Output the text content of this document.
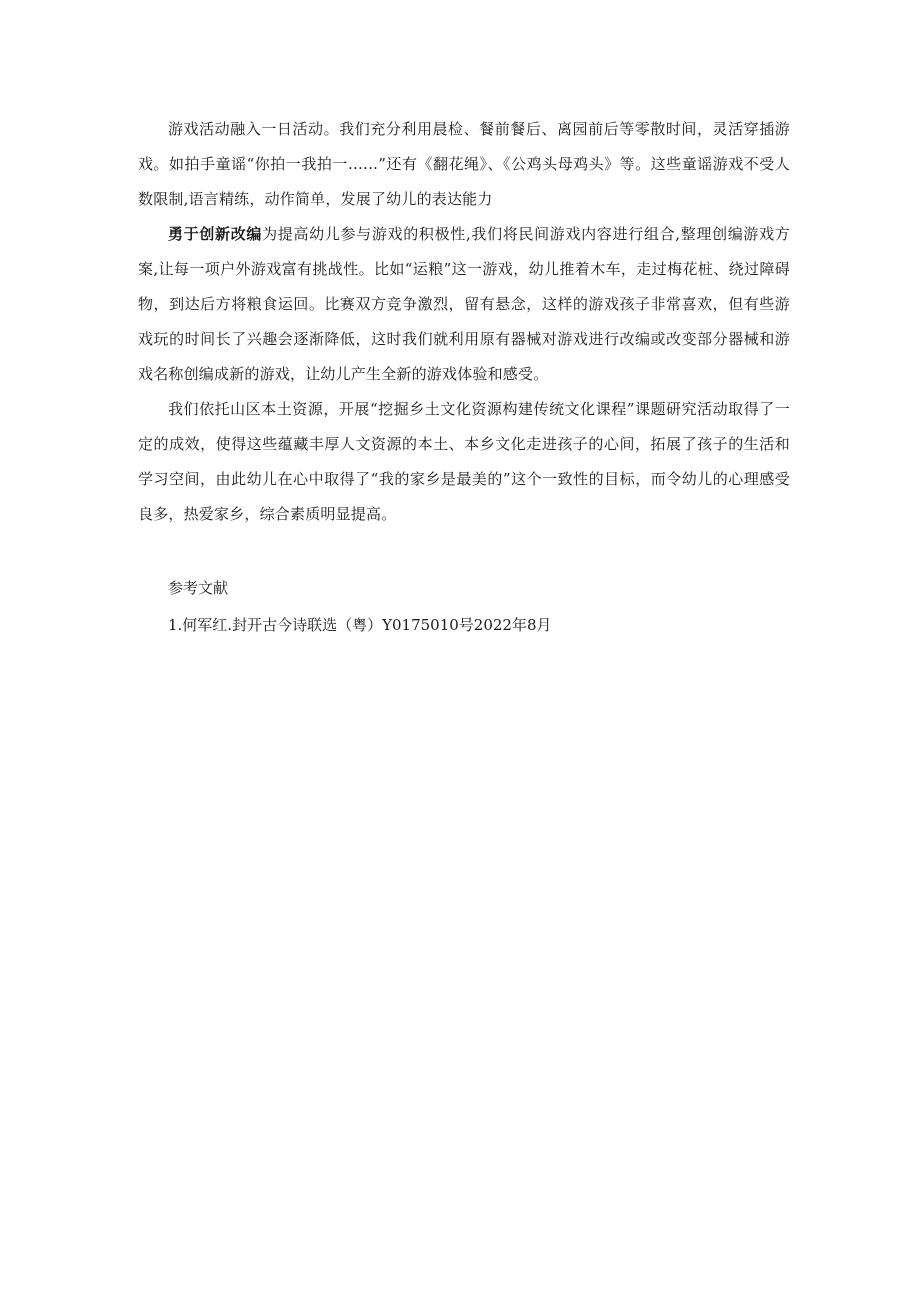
游戏活动融入一日活动。我们充分利用晨检、餐前餐后、离园前后等零散时间，灵活穿插游戏。如拍手童谣“你拍一我拍一……”还有《翻花绳》、《公鸡头母鸡头》等。这些童谣游戏不受人数限制,语言精练，动作简单，发展了幼儿的表达能力

勇于创新改编为提高幼儿参与游戏的积极性,我们将民间游戏内容进行组合,整理创编游戏方案,让每一项户外游戏富有挑战性。比如“运粮”这一游戏，幼儿推着木车，走过梅花桩、绕过障碍物，到达后方将粮食运回。比赛双方竞争激烈，留有悬念，这样的游戏孩子非常喜欢，但有些游戏玩的时间长了兴趣会逐渐降低，这时我们就利用原有器械对游戏进行改编或改变部分器械和游戏名称创编成新的游戏，让幼儿产生全新的游戏体验和感受。

我们依托山区本土资源，开展“挖掘乡土文化资源构建传统文化课程”课题研究活动取得了一定的成效，使得这些蕴藏丰厚人文资源的本土、本乡文化走进孩子的心间，拓展了孩子的生活和学习空间，由此幼儿在心中取得了“我的家乡是最美的”这个一致性的目标，而令幼儿的心理感受良多，热爱家乡，综合素质明显提高。

参考文献

1.何军红.封开古今诗联选（粤）Y0175010号2022年8月
